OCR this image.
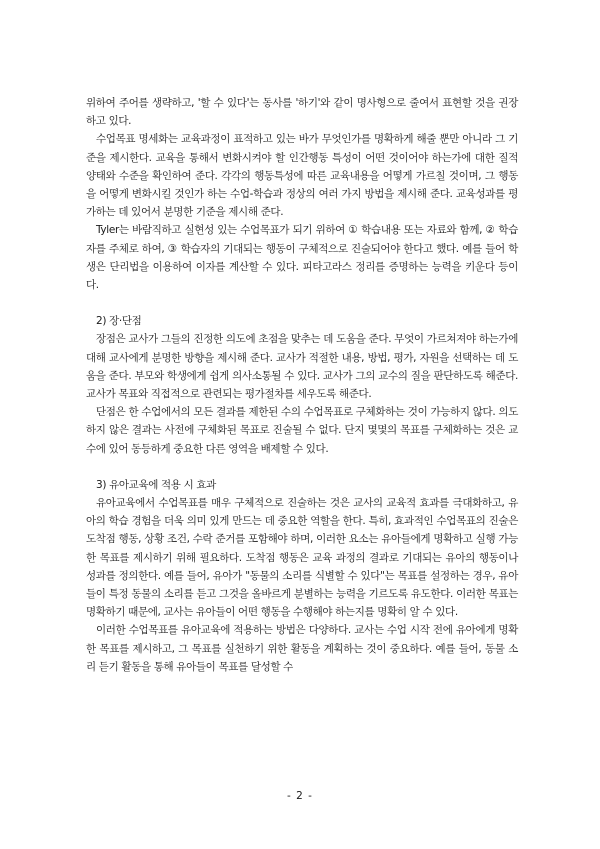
위하여 주어를 생략하고, '할 수 있다'는 동사를 '하기'와 같이 명사형으로 줄여서 표현할 것을 권장하고 있다.

수업목표 명세화는 교육과정이 표적하고 있는 바가 무엇인가를 명확하게 해줄 뿐만 아니라 그 기준을 제시한다. 교육을 통해서 변화시켜야 할 인간행동 특성이 어떤 것이어야 하는가에 대한 질적 양태와 수준을 확인하여 준다. 각각의 행동특성에 따른 교육내용을 어떻게 가르칠 것이며, 그 행동을 어떻게 변화시킬 것인가 하는 수업-학습과 정상의 여러 가지 방법을 제시해 준다. 교육성과를 평가하는 데 있어서 분명한 기준을 제시해 준다.

Tyler는 바람직하고 실현성 있는 수업목표가 되기 위하여 ① 학습내용 또는 자료와 함께, ② 학습자를 주체로 하여, ③ 학습자의 기대되는 행동이 구체적으로 진술되어야 한다고 했다. 예를 들어 학생은 단리법을 이용하여 이자를 계산할 수 있다. 피타고라스 정리를 증명하는 능력을 키운다 등이다.

2) 장·단점

장점은 교사가 그들의 진정한 의도에 초점을 맞추는 데 도움을 준다. 무엇이 가르쳐져야 하는가에 대해 교사에게 분명한 방향을 제시해 준다. 교사가 적절한 내용, 방법, 평가, 자원을 선택하는 데 도움을 준다. 부모와 학생에게 쉽게 의사소통될 수 있다. 교사가 그의 교수의 질을 판단하도록 해준다. 교사가 목표와 직접적으로 관련되는 평가절차를 세우도록 해준다.

단점은 한 수업에서의 모든 결과를 제한된 수의 수업목표로 구체화하는 것이 가능하지 않다. 의도하지 않은 결과는 사전에 구체화된 목표로 진술될 수 없다. 단지 몇몇의 목표를 구체화하는 것은 교수에 있어 동등하게 중요한 다른 영역을 배제할 수 있다.

3) 유아교육에 적용 시 효과

유아교육에서 수업목표를 매우 구체적으로 진술하는 것은 교사의 교육적 효과를 극대화하고, 유아의 학습 경험을 더욱 의미 있게 만드는 데 중요한 역할을 한다. 특히, 효과적인 수업목표의 진술은 도착점 행동, 상황 조건, 수락 준거를 포함해야 하며, 이러한 요소는 유아들에게 명확하고 실행 가능한 목표를 제시하기 위해 필요하다. 도착점 행동은 교육 과정의 결과로 기대되는 유아의 행동이나 성과를 정의한다. 예를 들어, 유아가 "동물의 소리를 식별할 수 있다"는 목표를 설정하는 경우, 유아들이 특정 동물의 소리를 듣고 그것을 올바르게 분별하는 능력을 기르도록 유도한다. 이러한 목표는 명확하기 때문에, 교사는 유아들이 어떤 행동을 수행해야 하는지를 명확히 알 수 있다.

이러한 수업목표를 유아교육에 적용하는 방법은 다양하다. 교사는 수업 시작 전에 유아에게 명확한 목표를 제시하고, 그 목표를 실천하기 위한 활동을 계획하는 것이 중요하다. 예를 들어, 동물 소리 듣기 활동을 통해 유아들이 목표를 달성할 수

- 2 -
